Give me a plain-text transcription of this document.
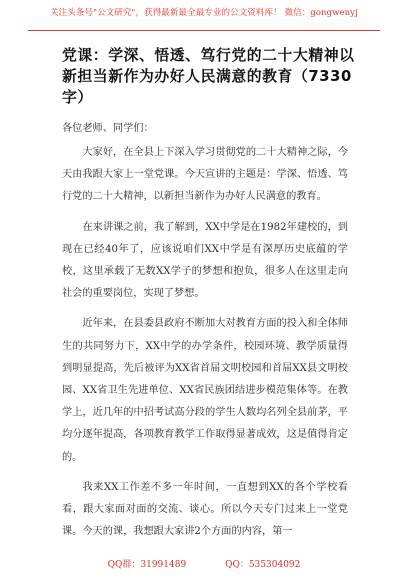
关注头条号"公文研究"，获得最新最全最专业的公文资料库！ 微信：gongwenyj
党课：学深、悟透、笃行党的二十大精神以新担当新作为办好人民满意的教育（7330字）
各位老师、同学们：

大家好，在全县上下深入学习贯彻党的二十大精神之际，今天由我跟大家上一堂党课。今天宣讲的主题是：学深、悟透、笃行党的二十大精神，以新担当新作为办好人民满意的教育。

在来讲课之前，我了解到，XX中学是在1982年建校的，到现在已经40年了，应该说咱们XX中学是有深厚历史底蕴的学校，这里承载了无数XX学子的梦想和抱负，很多人在这里走向社会的重要岗位，实现了梦想。

近年来，在县委县政府不断加大对教育方面的投入和全体师生的共同努力下，XX中学的办学条件，校园环境、教学质量得到明显提高，先后被评为XX省首届文明校园和首届XX县文明校园、XX省卫生先进单位、XX省民族团结进步模范集体等。在教学上，近几年的中招考试高分段的学生人数均名列全县前茅，平均分逐年提高，各项教育教学工作取得显著成效，这是值得肯定的。

我来XX工作差不多一年时间，一直想到XX的各个学校看看，跟大家面对面的交流、谈心。所以今天专门过来上一堂党课。今天的课，我想跟大家讲2个方面的内容，第一

QQ群：31991489	QQ：535304092
